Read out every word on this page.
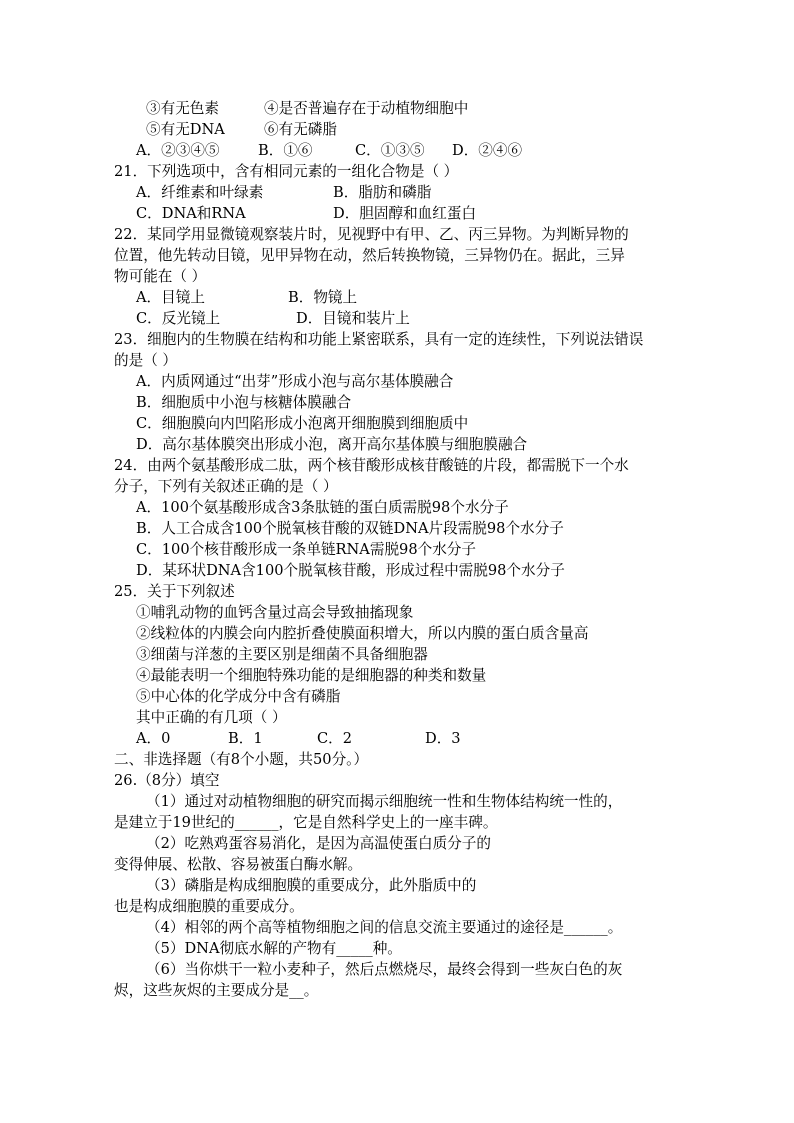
③有无色素	④是否普遍存在于动植物细胞中
⑤有无DNA	⑥有无磷脂
A．②③④⑤	B．①⑥	C．①③⑤ D．②④⑥
21．下列选项中，含有相同元素的一组化合物是（ ）
A．纤维素和叶绿素	B．脂肪和磷脂
C．DNA和RNA	D．胆固醇和血红蛋白
22．某同学用显微镜观察装片时，见视野中有甲、乙、丙三异物。为判断异物的
位置，他先转动目镜，见甲异物在动，然后转换物镜，三异物仍在。据此，三异
物可能在（ ）
A．目镜上	B．物镜上
C．反光镜上	D．目镜和装片上
23．细胞内的生物膜在结构和功能上紧密联系，具有一定的连续性，下列说法错误
的是（ ）
A．内质网通过“出芽”形成小泡与高尔基体膜融合
B．细胞质中小泡与核糖体膜融合
C．细胞膜向内凹陷形成小泡离开细胞膜到细胞质中
D．高尔基体膜突出形成小泡，离开高尔基体膜与细胞膜融合
24．由两个氨基酸形成二肽，两个核苷酸形成核苷酸链的片段，都需脱下一个水
分子，下列有关叙述正确的是（ ）
A．100个氨基酸形成含3条肽链的蛋白质需脱98个水分子
B．人工合成含100个脱氧核苷酸的双链DNA片段需脱98个水分子
C．100个核苷酸形成一条单链RNA需脱98个水分子
D．某环状DNA含100个脱氧核苷酸，形成过程中需脱98个水分子
25．关于下列叙述
①哺乳动物的血钙含量过高会导致抽搐现象
②线粒体的内膜会向内腔折叠使膜面积增大，所以内膜的蛋白质含量高
③细菌与洋葱的主要区别是细菌不具备细胞器
④最能表明一个细胞特殊功能的是细胞器的种类和数量
⑤中心体的化学成分中含有磷脂
其中正确的有几项（ ）
A．0	B．1	C．2	D．3
二、非选择题（有8个小题，共50分。）
26.（8分）填空
（1）通过对动植物细胞的研究而揭示细胞统一性和生物体结构统一性的，
是建立于19世纪的______，它是自然科学史上的一座丰碑。
（2）吃熟鸡蛋容易消化，是因为高温使蛋白质分子的
变得伸展、松散、容易被蛋白酶水解。
（3）磷脂是构成细胞膜的重要成分，此外脂质中的
也是构成细胞膜的重要成分。
（4）相邻的两个高等植物细胞之间的信息交流主要通过的途径是______。
（5）DNA彻底水解的产物有_____种。
（6）当你烘干一粒小麦种子，然后点燃烧尽，最终会得到一些灰白色的灰
烬，这些灰烬的主要成分是__。
